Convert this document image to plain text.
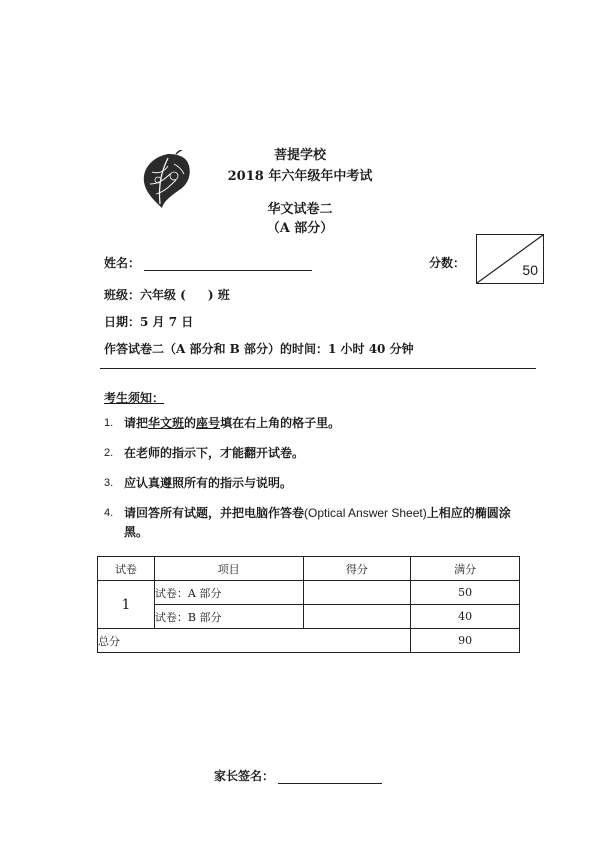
菩提学校
2018 年六年级年中考试
华文试卷二
（A 部分）
姓名：	分数：	50
班级：六年级 ( ) 班
日期：5 月 7 日
作答试卷二（A 部分和 B 部分）的时间：1 小时 40 分钟
考生须知：
1. 请把华文班的座号填在右上角的格子里。
2. 在老师的指示下，才能翻开试卷。
3. 应认真遵照所有的指示与说明。
4. 请回答所有试题，并把电脑作答卷(Optical Answer Sheet)上相应的椭圆涂黑。
试卷	项目	得分	满分
1	试卷：A 部分		50
	试卷：B 部分		40
总分			90
家长签名：
